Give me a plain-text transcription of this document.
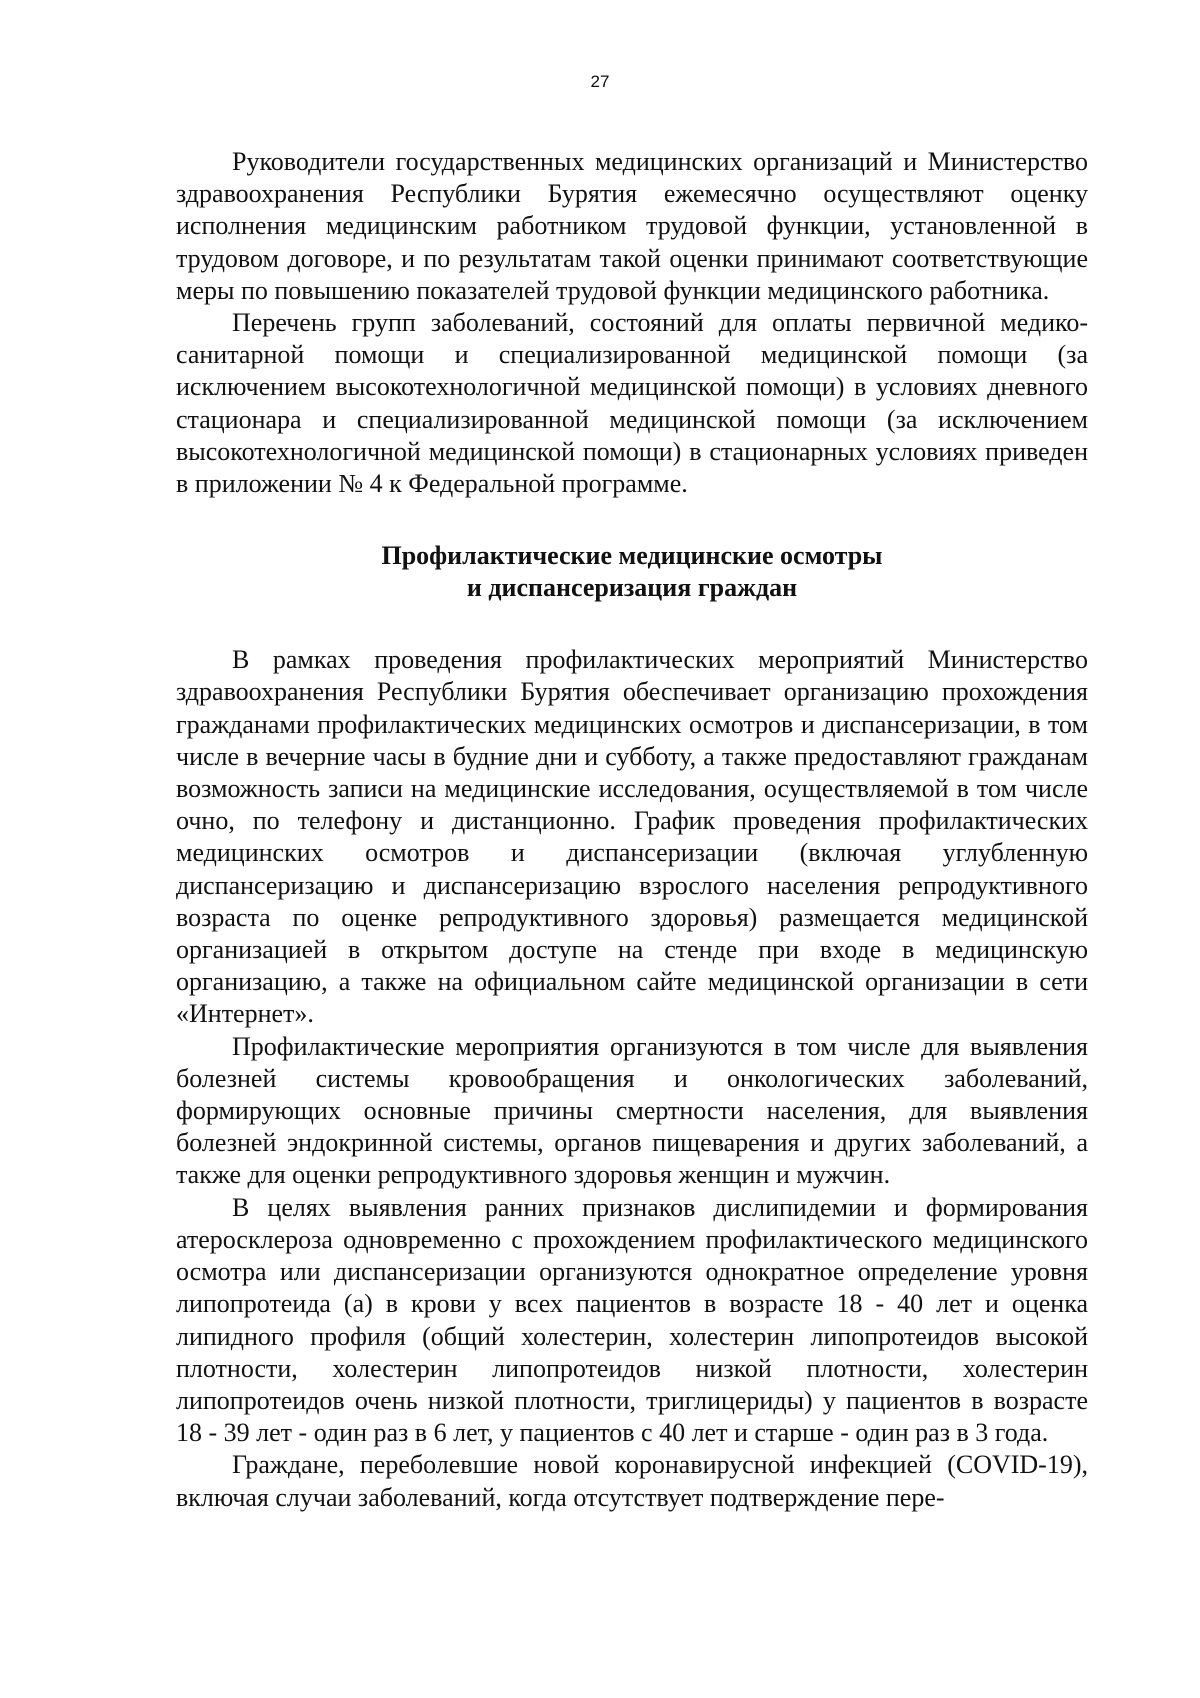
27

Руководители государственных медицинских организаций и Министерство здравоохранения Республики Бурятия ежемесячно осуществляют оценку исполнения медицинским работником трудовой функции, установленной в трудовом договоре, и по результатам такой оценки принимают соответствующие меры по повышению показателей трудовой функции медицинского работника.

Перечень групп заболеваний, состояний для оплаты первичной медико-санитарной помощи и специализированной медицинской помощи (за исключением высокотехнологичной медицинской помощи) в условиях дневного стационара и специализированной медицинской помощи (за исключением высокотехнологичной медицинской помощи) в стационарных условиях приведен в приложении № 4 к Федеральной программе.

Профилактические медицинские осмотры
и диспансеризация граждан

В рамках проведения профилактических мероприятий Министерство здравоохранения Республики Бурятия обеспечивает организацию прохождения гражданами профилактических медицинских осмотров и диспансеризации, в том числе в вечерние часы в будние дни и субботу, а также предоставляют гражданам возможность записи на медицинские исследования, осуществляемой в том числе очно, по телефону и дистанционно. График проведения профилактических медицинских осмотров и диспансеризации (включая углубленную диспансеризацию и диспансеризацию взрослого населения репродуктивного возраста по оценке репродуктивного здоровья) размещается медицинской организацией в открытом доступе на стенде при входе в медицинскую организацию, а также на официальном сайте медицинской организации в сети «Интернет».

Профилактические мероприятия организуются в том числе для выявления болезней системы кровообращения и онкологических заболеваний, формирующих основные причины смертности населения, для выявления болезней эндокринной системы, органов пищеварения и других заболеваний, а также для оценки репродуктивного здоровья женщин и мужчин.

В целях выявления ранних признаков дислипидемии и формирования атеросклероза одновременно с прохождением профилактического медицинского осмотра или диспансеризации организуются однократное определение уровня липопротеида (а) в крови у всех пациентов в возрасте 18 - 40 лет и оценка липидного профиля (общий холестерин, холестерин липопротеидов высокой плотности, холестерин липопротеидов низкой плотности, холестерин липопротеидов очень низкой плотности, триглицериды) у пациентов в возрасте 18 - 39 лет - один раз в 6 лет, у пациентов с 40 лет и старше - один раз в 3 года.

Граждане, переболевшие новой коронавирусной инфекцией (COVID-19), включая случаи заболеваний, когда отсутствует подтверждение пере-
